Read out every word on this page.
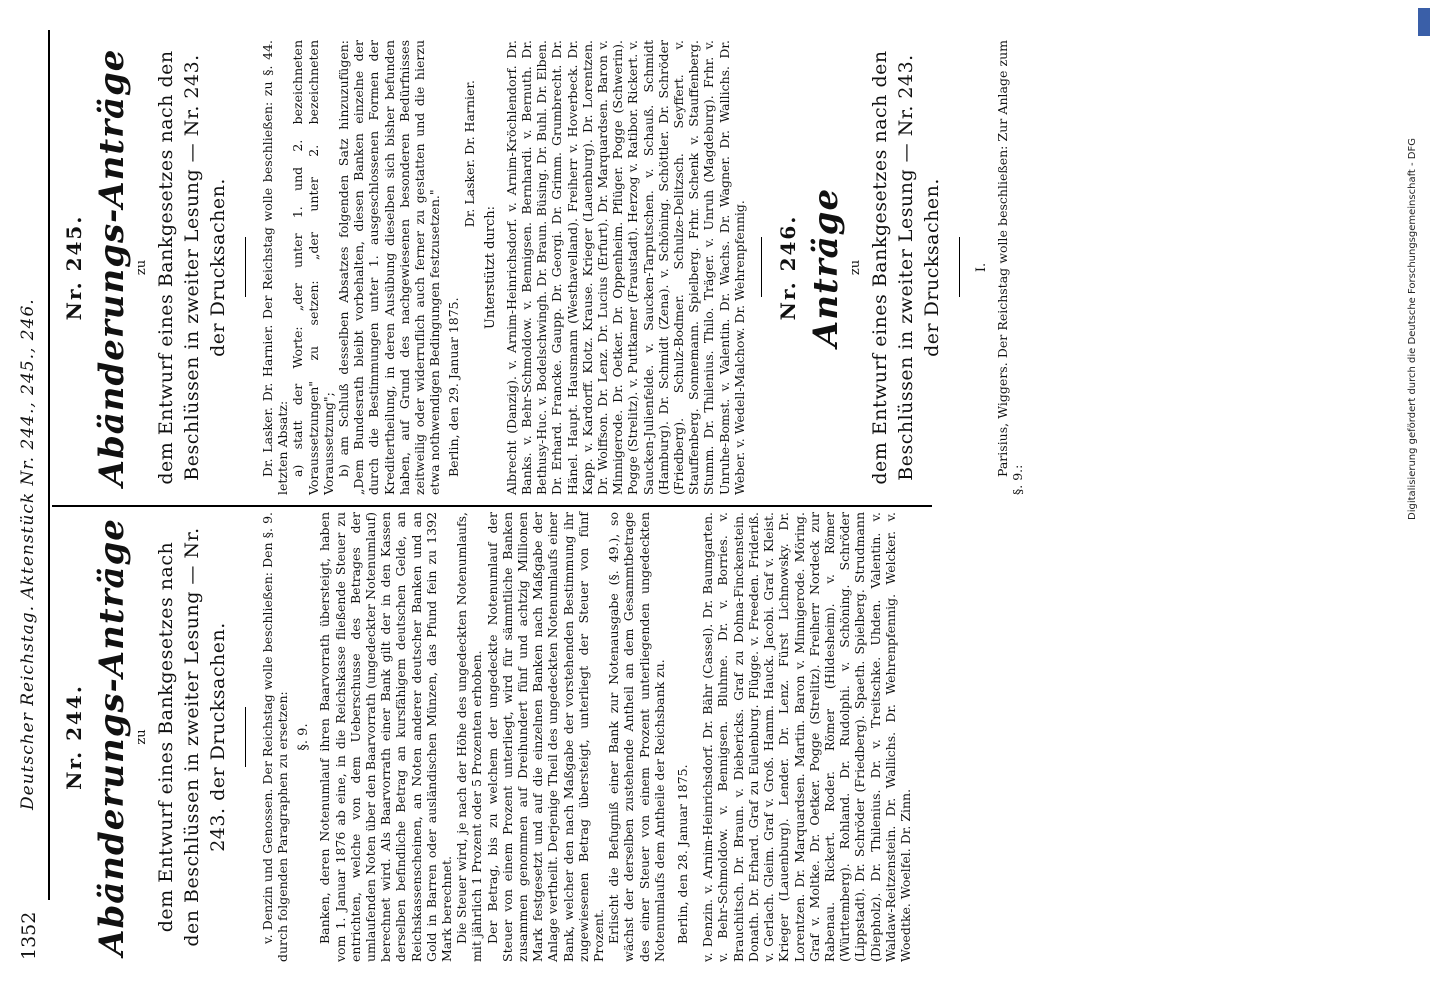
1352
Deutscher Reichstag. Aktenstück Nr. 244., 245., 246. Nr. 244. Abänderungs-Anträge zu dem Entwurf eines Bankgesetzes nach den Beschlüssen in zweiter Lesung — Nr. 243. der Drucksachen. v. Denzin und Genossen. Der Reichstag wolle beschließen: Den §. 9. durch folgenden Paragraphen zu ersetzen: §. 9. Banken, deren Notenumlauf ihren Baarvorrath übersteigt, haben vom 1. Januar 1876 ab eine, in die Reichskasse fließende Steuer zu entrichten, welche von dem Ueberschusse des Betrages der umlaufenden Noten über den Baarvorrath (ungedeckter Notenumlauf) berechnet wird. Als Baarvorrath einer Bank gilt der in den Kassen derselben befindliche Betrag an kursfähigem deutschen Gelde, an Reichskassenscheinen, an Noten anderer deutscher Banken und an Gold in Barren oder ausländischen Münzen, das Pfund fein zu 1392 Mark berechnet. Die Steuer wird, je nach der Höhe des ungedeckten Notenumlaufs, mit jährlich 1 Prozent oder 5 Prozenten erhoben. Der Betrag, bis zu welchem der ungedeckte Notenumlauf der Steuer von einem Prozent unterliegt, wird für sämmtliche Banken zusammen genommen auf Dreihundert fünf und achtzig Millionen Mark festgesetzt und auf die einzelnen Banken nach Maßgabe der Anlage vertheilt. Derjenige Theil des ungedeckten Notenumlaufs einer Bank, welcher den nach Maßgabe der vorstehenden Bestimmung ihr zugewiesenen Betrag übersteigt, unterliegt der Steuer von fünf Prozent. Erlischt die Befugniß einer Bank zur Notenausgabe (§. 49.), so wächst der derselben zustehende Antheil an dem Gesammtbetrage des einer Steuer von einem Prozent unterliegenden ungedeckten Notenumlaufs dem Antheile der Reichsbank zu. Berlin, den 28. Januar 1875. v. Denzin. v. Arnim-Heinrichsdorf. Dr. Bähr (Cassel). Dr. Baumgarten. v. Behr-Schmoldow. v. Bennigsen. Bluhme. Dr. v. Borries. v. Brauchitsch. Dr. Braun. v. Diebericks. Graf zu Dohna-Finckenstein. Donath. Dr. Erhard. Graf zu Eulenburg. Flügge. v. Freeden. Frideriß. v. Gerlach. Gleim. Graf v. Groß. Hamm. Hauck. Jacobi. Graf v. Kleist. Krieger (Lauenburg). Lender. Dr. Lenz. Fürst Lichnowsky. Dr. Lorentzen. Dr. Marquardsen. Martin. Baron v. Minnigerode. Möring. Graf v. Moltke. Dr. Oetker. Pogge (Strelitz). Freiherr Nordeck zur Rabenau. Rickert. Roder. Römer (Hildesheim). v. Römer (Württemberg). Rohland. Dr. Rudolphi. v. Schöning. Schröder (Lippstadt). Dr. Schröder (Friedberg). Spaeth. Spielberg. Strudmann (Diepholz). Dr. Thilenius. Dr. v. Treitschke. Uhden. Valentin. v. Waldaw-Reitzenstein. Dr. Wallichs. Dr. Wehrenpfennig. Welcker. v. Woedtke. Woelfel. Dr. Zinn.
Nr. 245. Abänderungs-Anträge zu dem Entwurf eines Bankgesetzes nach den Beschlüssen in zweiter Lesung — Nr. 243. der Drucksachen. Dr. Lasker. Dr. Harnier. Der Reichstag wolle beschließen: zu §. 44. letzten Absatz: a) statt der Worte: „der unter 1. und 2. bezeichneten Voraussetzungen" zu setzen: „der unter 2. bezeichneten Voraussetzung"; b) am Schluß desselben Absatzes folgenden Satz hinzuzufügen: „Dem Bundesrath bleibt vorbehalten, diesen Banken einzelne der durch die Bestimmungen unter 1. ausgeschlossenen Formen der Kreditertheilung, in deren Ausübung dieselben sich bisher befunden haben, auf Grund des nachgewiesenen besonderen Bedürfnisses zeitweilig oder widerruflich auch ferner zu gestatten und die hierzu etwa nothwendigen Bedingungen festzusetzen." Berlin, den 29. Januar 1875.

Dr. Lasker. Dr. Harnier.

Unterstützt durch: Albrecht (Danzig). v. Arnim-Heinrichsdorf. v. Arnim-Kröchlendorf. Dr. Banks. v. Behr-Schmoldow. v. Bennigsen. Bernhardi. v. Bernuth. Dr. Bethusy-Huc. v. Bodelschwingh. Dr. Braun. Büsing. Dr. Buhl. Dr. Elben. Dr. Erhard. Francke. Gaupp. Dr. Georgi. Dr. Grimm. Grumbrecht. Dr. Hänel. Haupt. Hausmann (Westhavelland). Freiherr v. Hoverbeck. Dr. Kapp. v. Kardorff. Klotz. Krause. Krieger (Lauenburg). Dr. Lorentzen. Dr. Wolffson. Dr. Lenz. Dr. Lucius (Erfurt). Dr. Marquardsen. Baron v. Minnigerode. Dr. Oetker. Dr. Oppenheim. Pflüger. Pogge (Schwerin). Pogge (Strelitz). v. Puttkamer (Fraustadt). Herzog v. Ratibor. Rickert. v. Saucken-Julienfelde. v. Saucken-Tarputschen. v. Schauß. Schmidt (Hamburg). Dr. Schmidt (Zena). v. Schöning. Schöttler. Dr. Schröder (Friedberg). Schulz-Bodmer. Schulze-Delitzsch. Seyffert. v. Stauffenberg. Sonnemann. Spielberg. Frhr. Schenk v. Stauffenberg. Stumm. Dr. Thilenius. Thilo. Träger. v. Unruh (Magdeburg). Frhr. v. Unruhe-Bomst. v. Valentin. Dr. Wachs. Dr. Wagner. Dr. Wallichs. Dr. Weber. v. Wedell-Malchow. Dr. Wehrenpfennig. Nr. 246. Anträge zu dem Entwurf eines Bankgesetzes nach den Beschlüssen in zweiter Lesung — Nr. 243. der Drucksachen. I. Parisius, Wiggers. Der Reichstag wolle beschließen: Zur Anlage zum §. 9.:	Digitalisierung gefördert durch die Deutsche Forschungsgemeinschaft - DFG
